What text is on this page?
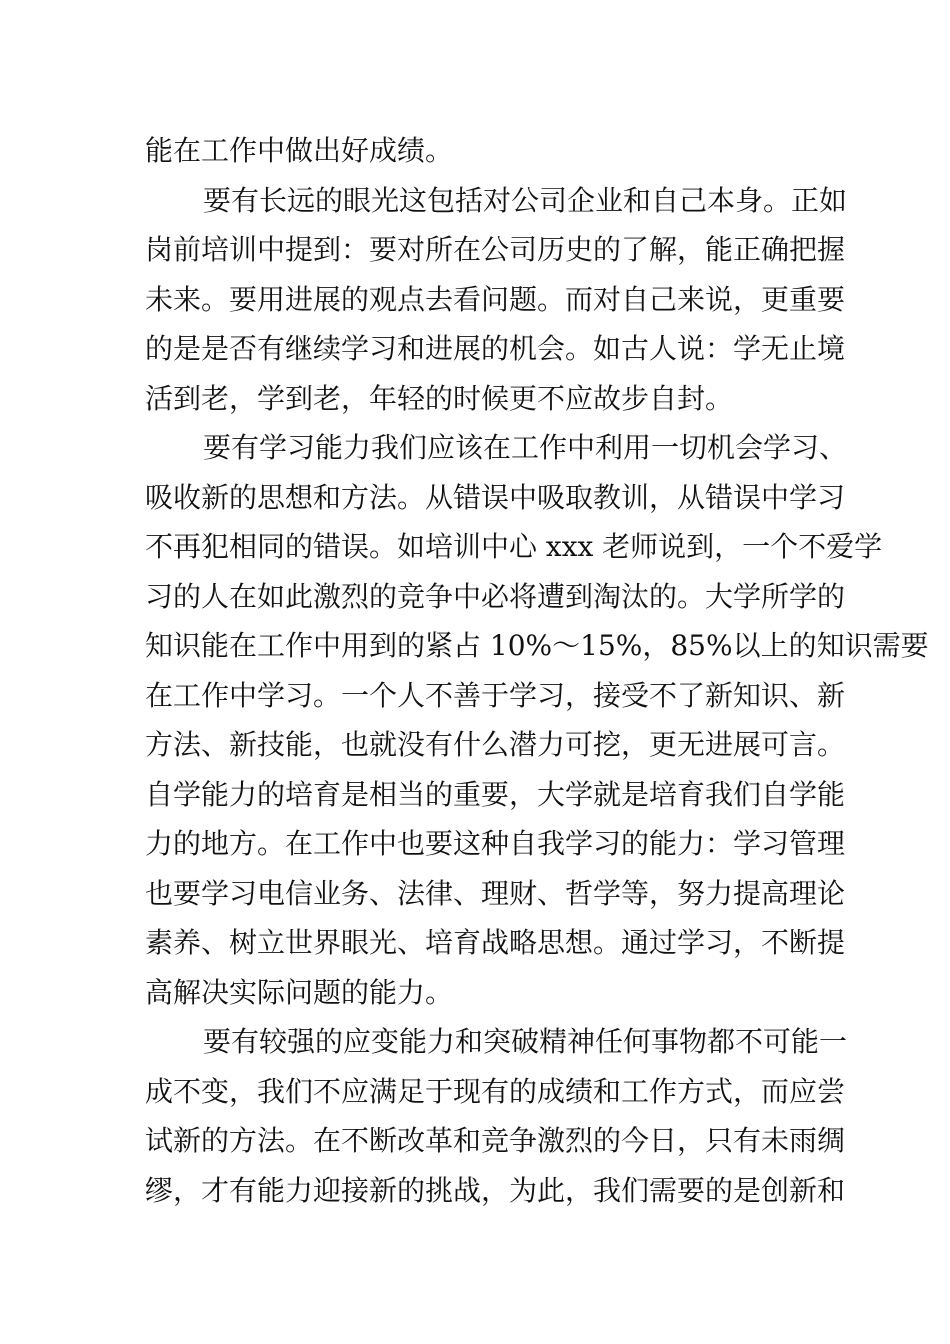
能在工作中做出好成绩。
要有长远的眼光这包括对公司企业和自己本身。正如
岗前培训中提到：要对所在公司历史的了解，能正确把握
未来。要用进展的观点去看问题。而对自己来说，更重要
的是是否有继续学习和进展的机会。如古人说：学无止境
活到老，学到老，年轻的时候更不应故步自封。
要有学习能力我们应该在工作中利用一切机会学习、
吸收新的思想和方法。从错误中吸取教训，从错误中学习
不再犯相同的错误。如培训中心 xxx 老师说到，一个不爱学
习的人在如此激烈的竞争中必将遭到淘汰的。大学所学的
知识能在工作中用到的紧占 10%～15%，85%以上的知识需要
在工作中学习。一个人不善于学习，接受不了新知识、新
方法、新技能，也就没有什么潜力可挖，更无进展可言。
自学能力的培育是相当的重要，大学就是培育我们自学能
力的地方。在工作中也要这种自我学习的能力：学习管理
也要学习电信业务、法律、理财、哲学等，努力提高理论
素养、树立世界眼光、培育战略思想。通过学习，不断提
高解决实际问题的能力。
要有较强的应变能力和突破精神任何事物都不可能一
成不变，我们不应满足于现有的成绩和工作方式，而应尝
试新的方法。在不断改革和竞争激烈的今日，只有未雨绸
缪，才有能力迎接新的挑战，为此，我们需要的是创新和
